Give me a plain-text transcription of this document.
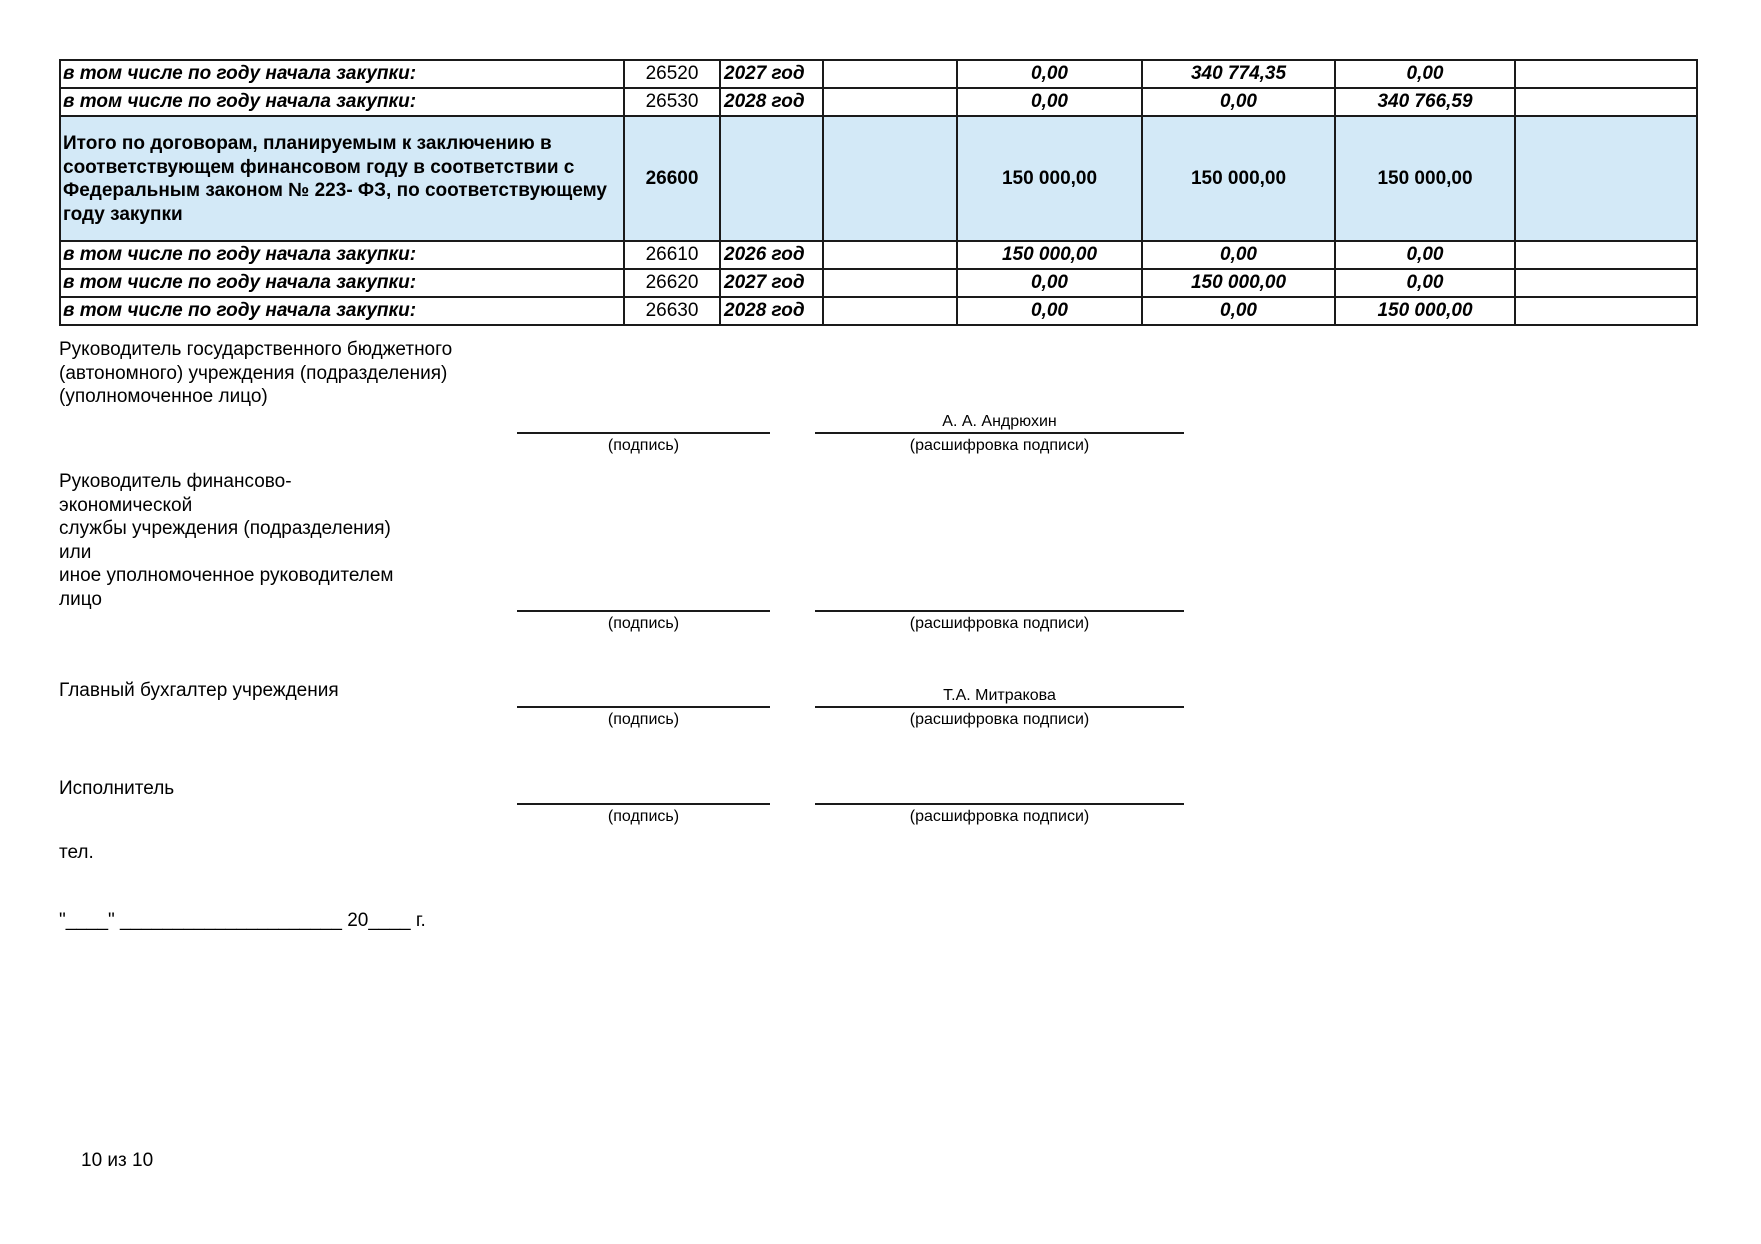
в том числе по году начала закупки:	26520	2027 год		0,00	340 774,35	0,00	
в том числе по году начала закупки:	26530	2028 год		0,00	0,00	340 766,59	
Итого по договорам, планируемым к заключению в соответствующем финансовом году в соответствии с Федеральным законом № 223- ФЗ, по соответствующему году закупки	26600			150 000,00	150 000,00	150 000,00	
в том числе по году начала закупки:	26610	2026 год		150 000,00	0,00	0,00	
в том числе по году начала закупки:	26620	2027 год		0,00	150 000,00	0,00	
в том числе по году начала закупки:	26630	2028 год		0,00	0,00	150 000,00	
Руководитель государственного бюджетного (автономного) учреждения (подразделения) (уполномоченное лицо)
А. А. Андрюхин
(подпись)	(расшифровка подписи)
Руководитель финансово-
экономической
службы учреждения (подразделения)
или
иное уполномоченное руководителем
лицо
(подпись)	(расшифровка подписи)
Главный бухгалтер учреждения	Т.А. Митракова
(подпись)	(расшифровка подписи)
Исполнитель
(подпись)	(расшифровка подписи)
тел.
"____" _____________________ 20____ г.
10 из 10
